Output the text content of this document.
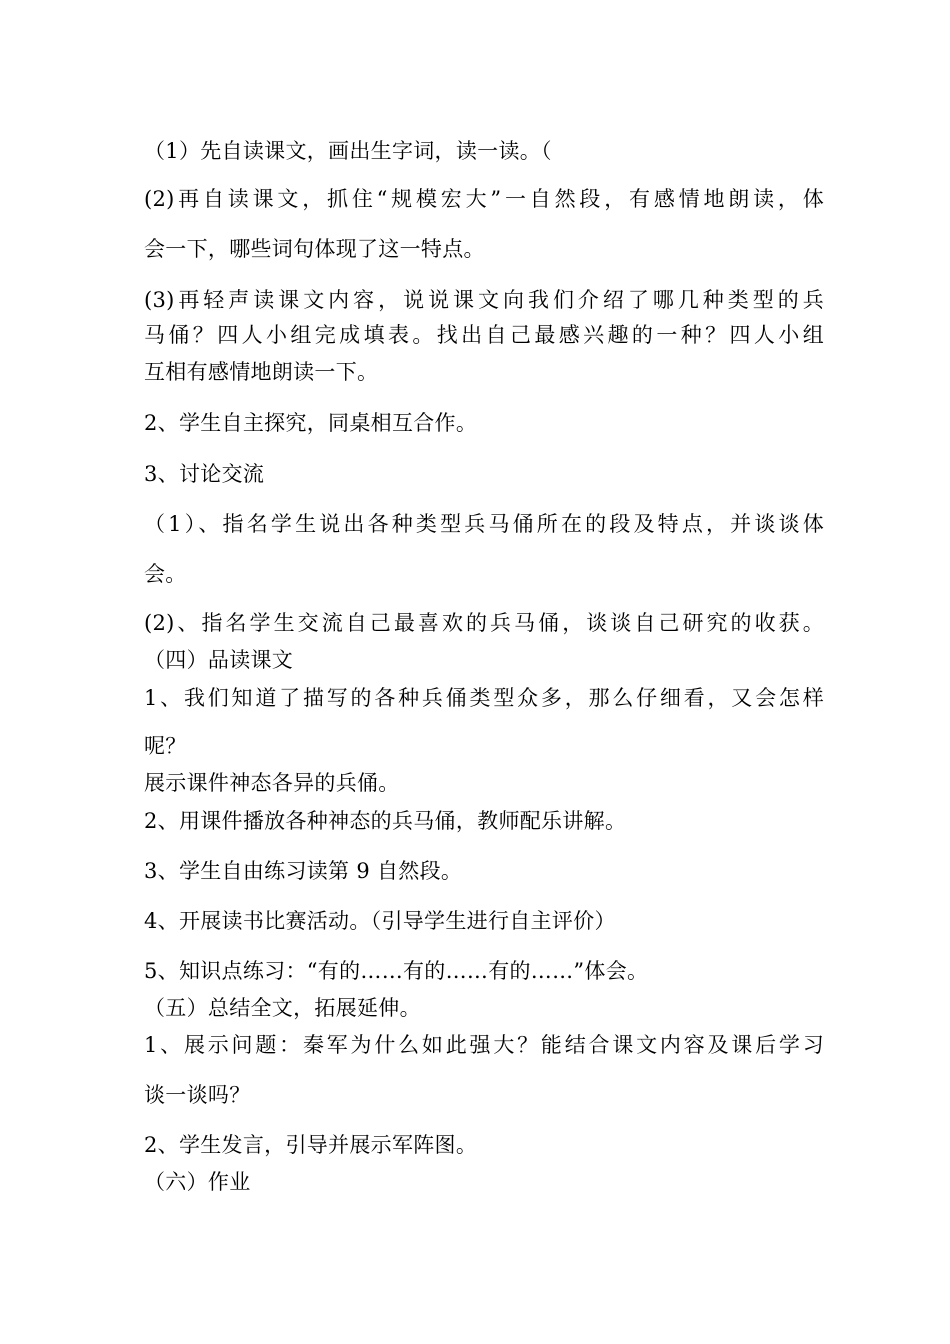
（1）先自读课文，画出生字词，读一读。（
(2)再自读课文，抓住“规模宏大”一自然段，有感情地朗读，体
会一下，哪些词句体现了这一特点。
(3)再轻声读课文内容，说说课文向我们介绍了哪几种类型的兵
马俑？四人小组完成填表。找出自己最感兴趣的一种？四人小组
互相有感情地朗读一下。
2、学生自主探究，同桌相互合作。
3、讨论交流
（1）、指名学生说出各种类型兵马俑所在的段及特点，并谈谈体
会。
(2)、指名学生交流自己最喜欢的兵马俑，谈谈自己研究的收获。
（四）品读课文
1、我们知道了描写的各种兵俑类型众多，那么仔细看，又会怎样
呢？
展示课件神态各异的兵俑。
2、用课件播放各种神态的兵马俑，教师配乐讲解。
3、学生自由练习读第 9 自然段。
4、开展读书比赛活动。（引导学生进行自主评价）
5、知识点练习：“有的……有的……有的……”体会。
（五）总结全文，拓展延伸。
1、展示问题：秦军为什么如此强大？能结合课文内容及课后学习
谈一谈吗？
2、学生发言，引导并展示军阵图。
（六）作业
